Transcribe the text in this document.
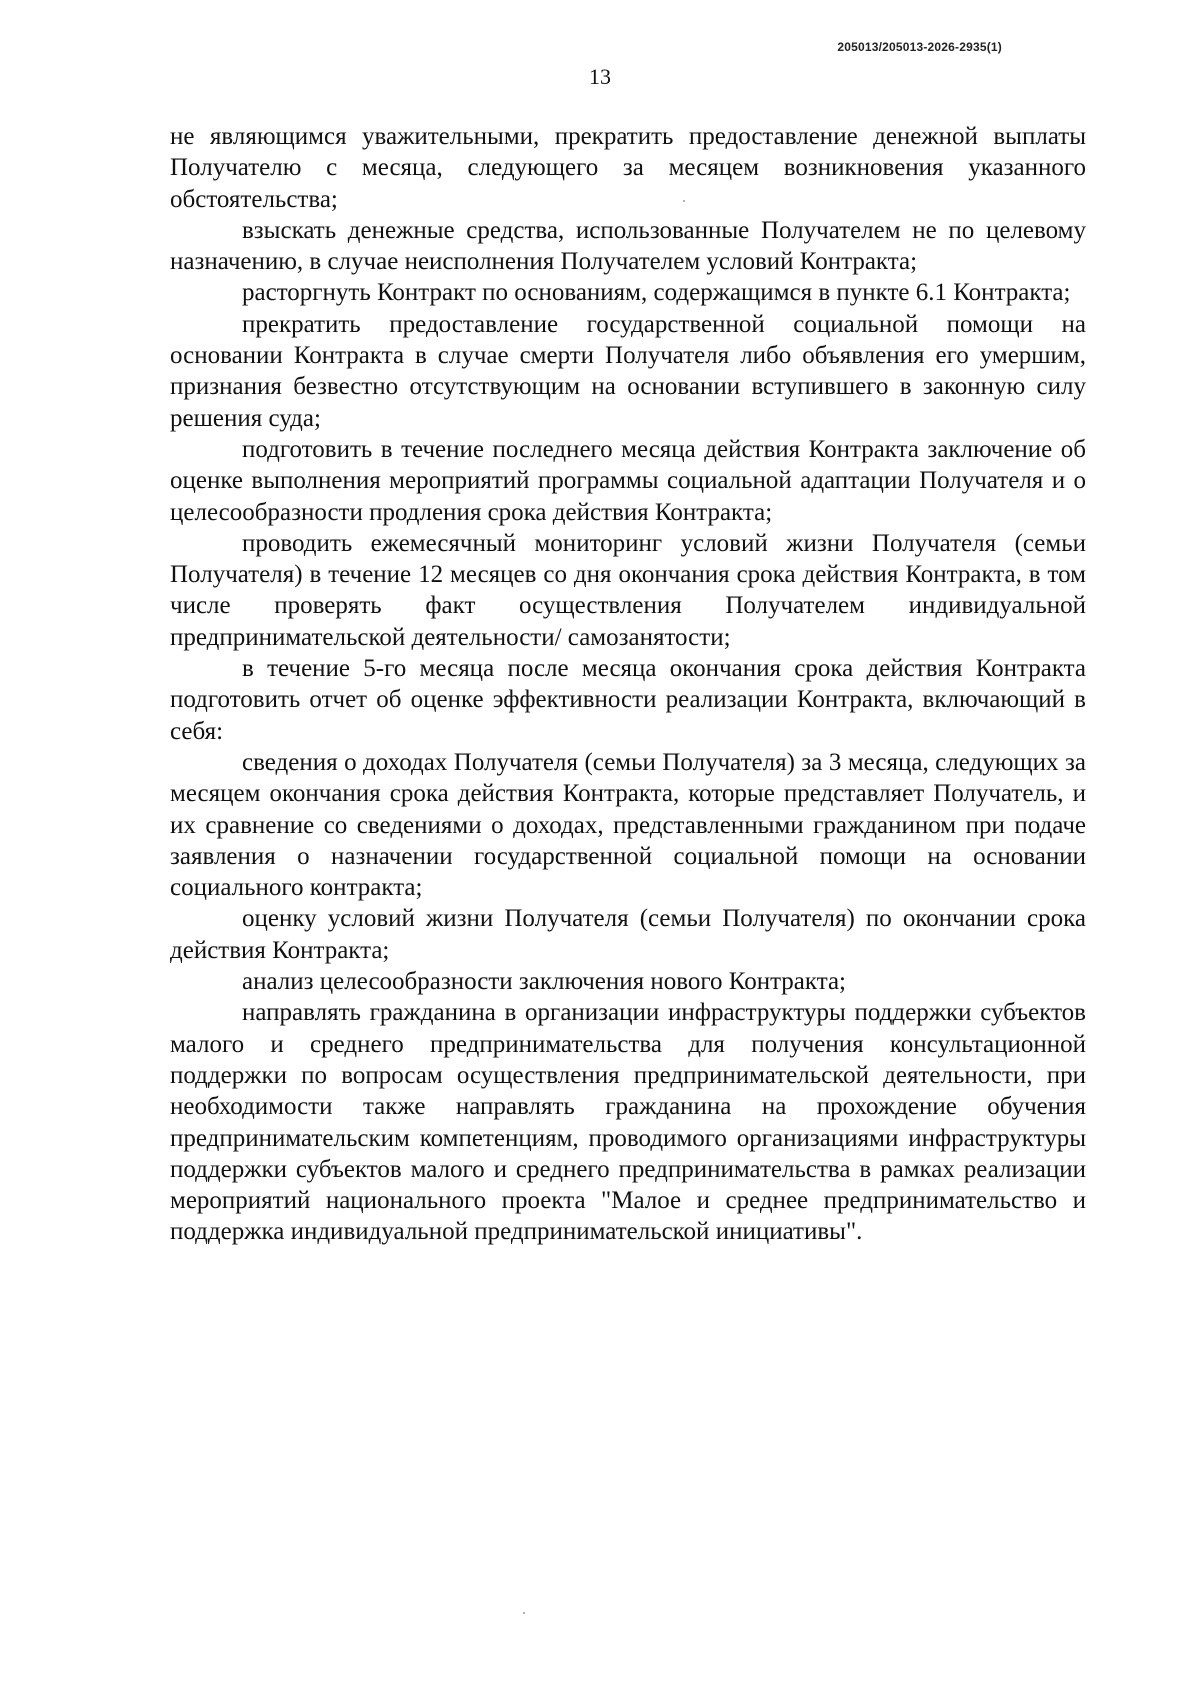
205013/205013-2026-2935(1)
13

не являющимся уважительными, прекратить предоставление денежной выплаты Получателю с месяца, следующего за месяцем возникновения указанного обстоятельства;

взыскать денежные средства, использованные Получателем не по целевому назначению, в случае неисполнения Получателем условий Контракта;

расторгнуть Контракт по основаниям, содержащимся в пункте 6.1 Контракта;

прекратить предоставление государственной социальной помощи на основании Контракта в случае смерти Получателя либо объявления его умершим, признания безвестно отсутствующим на основании вступившего в законную силу решения суда;

подготовить в течение последнего месяца действия Контракта заключение об оценке выполнения мероприятий программы социальной адаптации Получателя и о целесообразности продления срока действия Контракта;

проводить ежемесячный мониторинг условий жизни Получателя (семьи Получателя) в течение 12 месяцев со дня окончания срока действия Контракта, в том числе проверять факт осуществления Получателем индивидуальной предпринимательской деятельности/ самозанятости;

в течение 5-го месяца после месяца окончания срока действия Контракта подготовить отчет об оценке эффективности реализации Контракта, включающий в себя:

сведения о доходах Получателя (семьи Получателя) за 3 месяца, следующих за месяцем окончания срока действия Контракта, которые представляет Получатель, и их сравнение со сведениями о доходах, представленными гражданином при подаче заявления о назначении государственной социальной помощи на основании социального контракта;

оценку условий жизни Получателя (семьи Получателя) по окончании срока действия Контракта;

анализ целесообразности заключения нового Контракта;

направлять гражданина в организации инфраструктуры поддержки субъектов малого и среднего предпринимательства для получения консультационной поддержки по вопросам осуществления предпринимательской деятельности, при необходимости также направлять гражданина на прохождение обучения предпринимательским компетенциям, проводимого организациями инфраструктуры поддержки субъектов малого и среднего предпринимательства в рамках реализации мероприятий национального проекта "Малое и среднее предпринимательство и поддержка индивидуальной предпринимательской инициативы".
